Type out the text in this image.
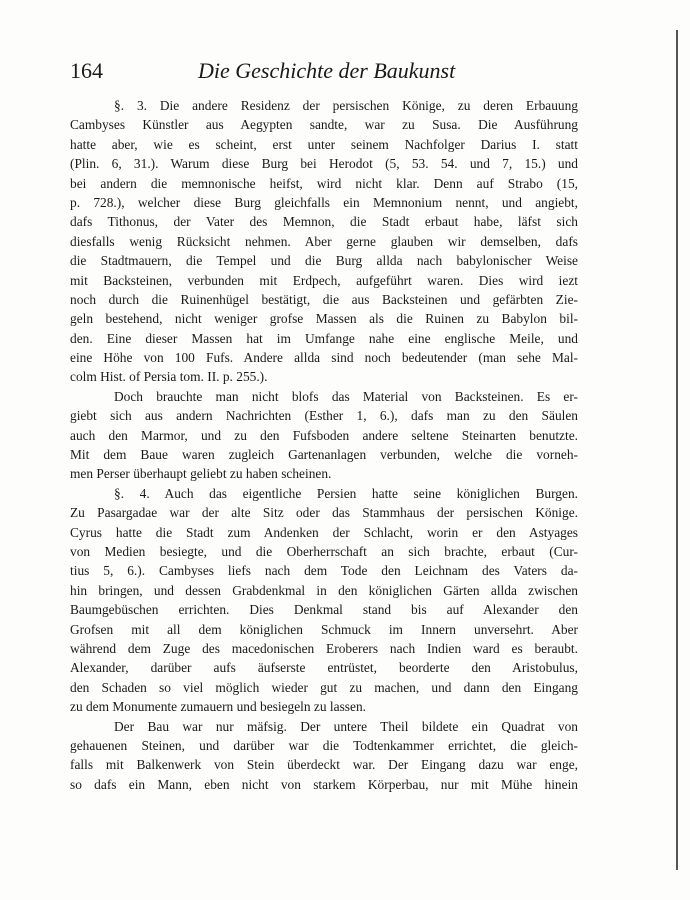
164	Die Geschichte der Baukunst
§. 3. Die andere Residenz der persischen Könige, zu deren Erbauung
Cambyses Künstler aus Aegypten sandte, war zu Susa. Die Ausführung
hatte aber, wie es scheint, erst unter seinem Nachfolger Darius I. statt
(Plin. 6, 31.). Warum diese Burg bei Herodot (5, 53. 54. und 7, 15.) und
bei andern die memnonische heifst, wird nicht klar. Denn auf Strabo (15,
p. 728.), welcher diese Burg gleichfalls ein Memnonium nennt, und angiebt,
dafs Tithonus, der Vater des Memnon, die Stadt erbaut habe, läfst sich
diesfalls wenig Rücksicht nehmen. Aber gerne glauben wir demselben, dafs
die Stadtmauern, die Tempel und die Burg allda nach babylonischer Weise
mit Backsteinen, verbunden mit Erdpech, aufgeführt waren. Dies wird iezt
noch durch die Ruinenhügel bestätigt, die aus Backsteinen und gefärbten Zie-
geln bestehend, nicht weniger grofse Massen als die Ruinen zu Babylon bil-
den. Eine dieser Massen hat im Umfange nahe eine englische Meile, und
eine Höhe von 100 Fufs. Andere allda sind noch bedeutender (man sehe Mal-
colm Hist. of Persia tom. II. p. 255.).
Doch brauchte man nicht blofs das Material von Backsteinen. Es er-
giebt sich aus andern Nachrichten (Esther 1, 6.), dafs man zu den Säulen
auch den Marmor, und zu den Fufsboden andere seltene Steinarten benutzte.
Mit dem Baue waren zugleich Gartenanlagen verbunden, welche die vorneh-
men Perser überhaupt geliebt zu haben scheinen.
§. 4. Auch das eigentliche Persien hatte seine königlichen Burgen.
Zu Pasargadae war der alte Sitz oder das Stammhaus der persischen Könige.
Cyrus hatte die Stadt zum Andenken der Schlacht, worin er den Astyages
von Medien besiegte, und die Oberherrschaft an sich brachte, erbaut (Cur-
tius 5, 6.). Cambyses liefs nach dem Tode den Leichnam des Vaters da-
hin bringen, und dessen Grabdenkmal in den königlichen Gärten allda zwischen
Baumgebüschen errichten. Dies Denkmal stand bis auf Alexander den
Grofsen mit all dem königlichen Schmuck im Innern unversehrt. Aber
während dem Zuge des macedonischen Eroberers nach Indien ward es beraubt.
Alexander, darüber aufs äufserste entrüstet, beorderte den Aristobulus,
den Schaden so viel möglich wieder gut zu machen, und dann den Eingang
zu dem Monumente zumauern und besiegeln zu lassen.
Der Bau war nur mäfsig. Der untere Theil bildete ein Quadrat von
gehauenen Steinen, und darüber war die Todtenkammer errichtet, die gleich-
falls mit Balkenwerk von Stein überdeckt war. Der Eingang dazu war enge,
so dafs ein Mann, eben nicht von starkem Körperbau, nur mit Mühe hinein
